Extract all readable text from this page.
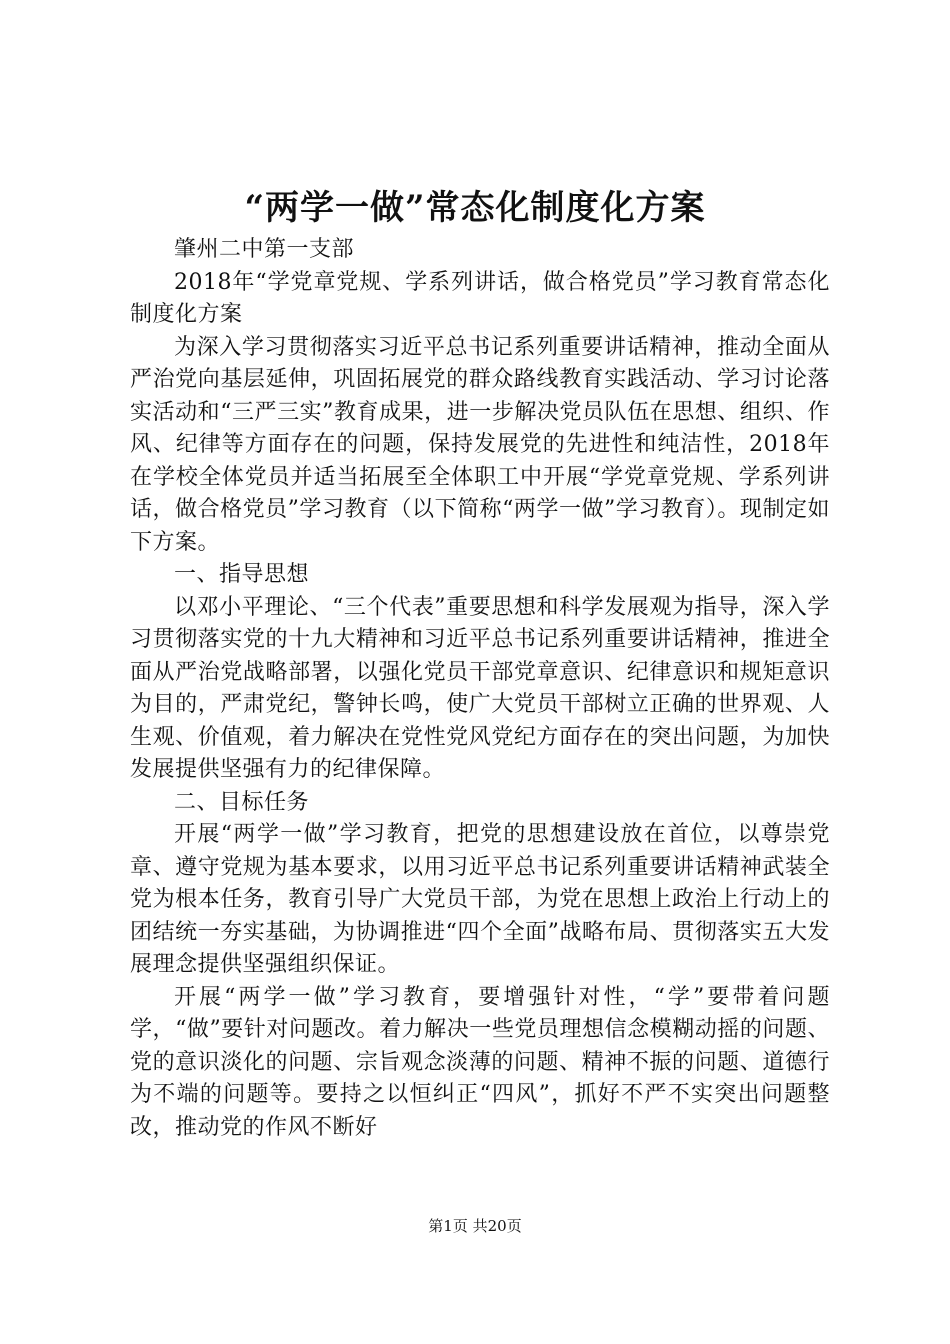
“两学一做”常态化制度化方案

肇州二中第一支部

2018年“学党章党规、学系列讲话，做合格党员”学习教育常态化制度化方案

为深入学习贯彻落实习近平总书记系列重要讲话精神，推动全面从严治党向基层延伸，巩固拓展党的群众路线教育实践活动、学习讨论落实活动和“三严三实”教育成果，进一步解决党员队伍在思想、组织、作风、纪律等方面存在的问题，保持发展党的先进性和纯洁性，2018年在学校全体党员并适当拓展至全体职工中开展“学党章党规、学系列讲话，做合格党员”学习教育（以下简称“两学一做”学习教育）。现制定如下方案。

一、指导思想

以邓小平理论、“三个代表”重要思想和科学发展观为指导，深入学习贯彻落实党的十九大精神和习近平总书记系列重要讲话精神，推进全面从严治党战略部署，以强化党员干部党章意识、纪律意识和规矩意识为目的，严肃党纪，警钟长鸣，使广大党员干部树立正确的世界观、人生观、价值观，着力解决在党性党风党纪方面存在的突出问题，为加快发展提供坚强有力的纪律保障。

二、目标任务

开展“两学一做”学习教育，把党的思想建设放在首位，以尊崇党章、遵守党规为基本要求，以用习近平总书记系列重要讲话精神武装全党为根本任务，教育引导广大党员干部，为党在思想上政治上行动上的团结统一夯实基础，为协调推进“四个全面”战略布局、贯彻落实五大发展理念提供坚强组织保证。

开展“两学一做”学习教育，要增强针对性，“学”要带着问题学，“做”要针对问题改。着力解决一些党员理想信念模糊动摇的问题、党的意识淡化的问题、宗旨观念淡薄的问题、精神不振的问题、道德行为不端的问题等。要持之以恒纠正“四风”，抓好不严不实突出问题整改，推动党的作风不断好

第1页 共20页
